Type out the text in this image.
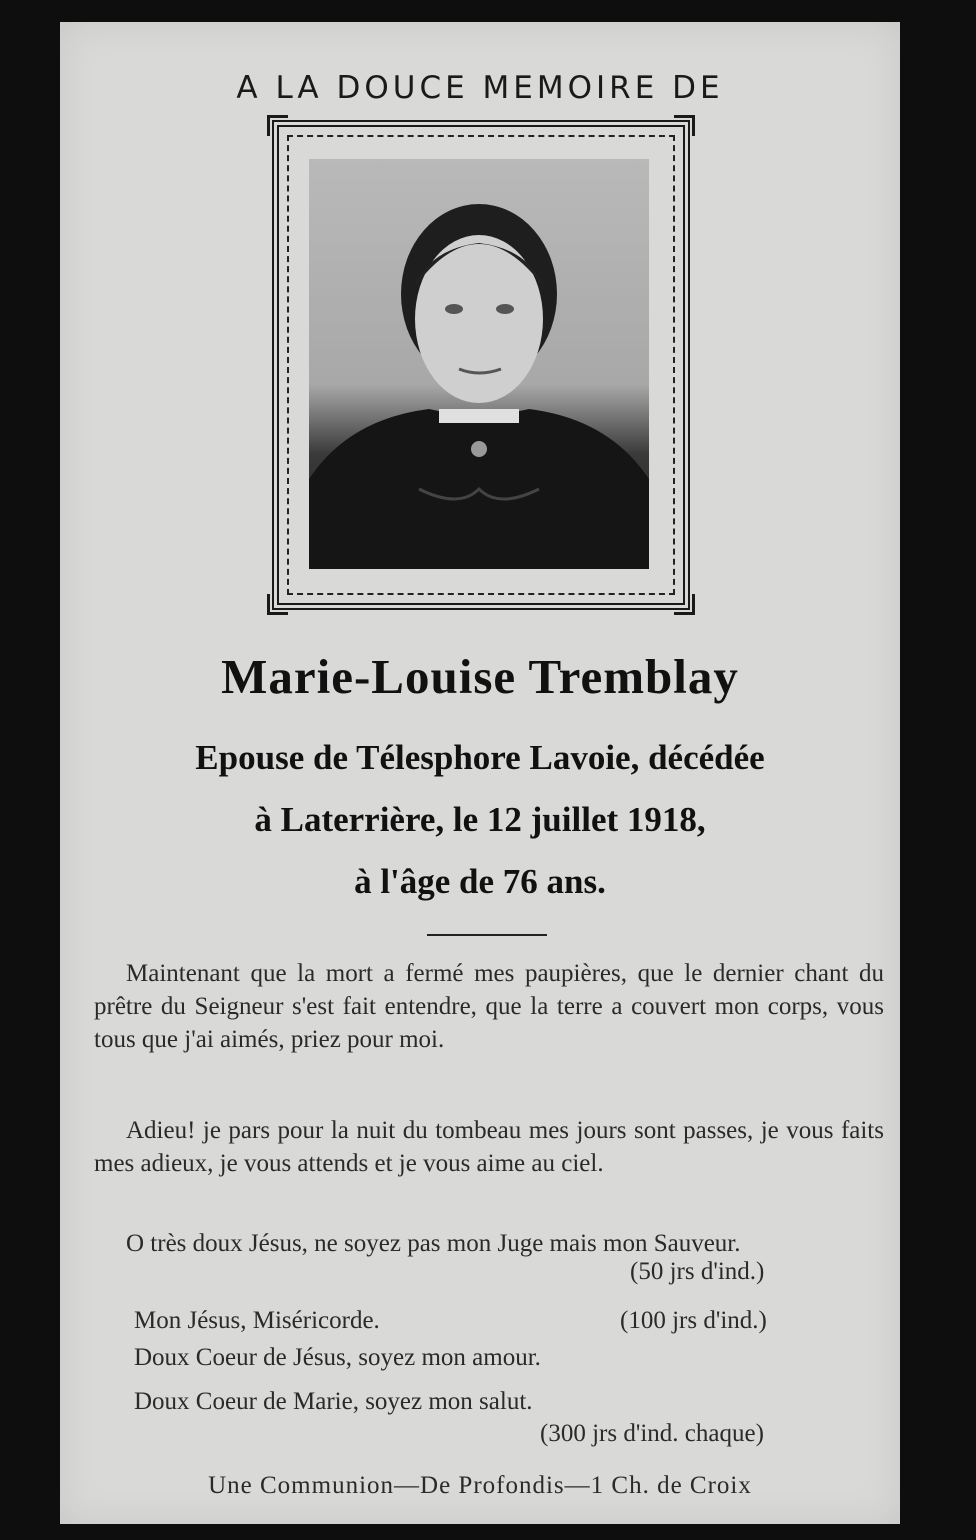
A LA DOUCE MEMOIRE DE
Marie-Louise Tremblay
Epouse de Télesphore Lavoie, décédée
à Laterrière, le 12 juillet 1918,
à l'âge de 76 ans.
Maintenant que la mort a fermé mes paupières, que le dernier chant du prêtre du Seigneur s'est fait entendre, que la terre a couvert mon corps, vous tous que j'ai aimés, priez pour moi.
Adieu! je pars pour la nuit du tombeau mes jours sont passes, je vous faits mes adieux, je vous attends et je vous aime au ciel.
O très doux Jésus, ne soyez pas mon Juge mais mon Sauveur.
(50 jrs d'ind.)
Mon Jésus, Miséricorde.	(100 jrs d'ind.)
Doux Coeur de Jésus, soyez mon amour.
Doux Coeur de Marie, soyez mon salut.
(300 jrs d'ind. chaque)
Une Communion—De Profondis—1 Ch. de Croix
